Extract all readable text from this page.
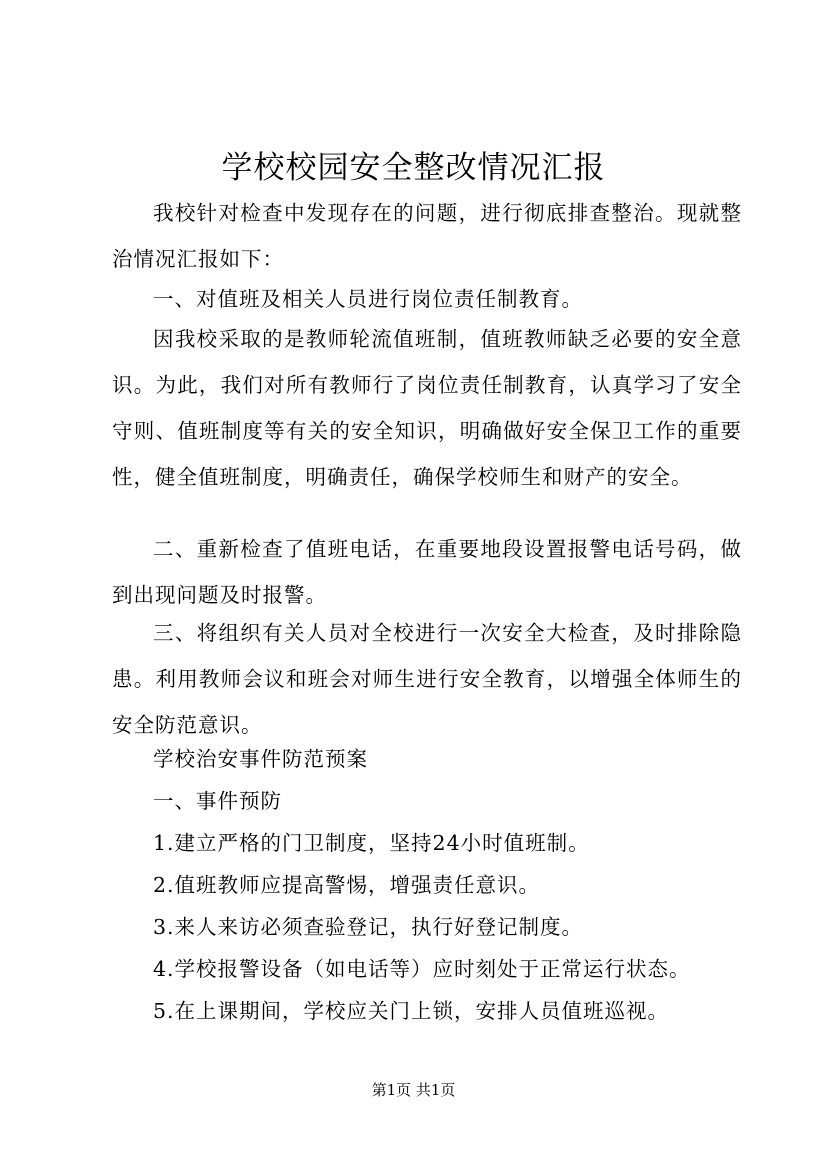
学校校园安全整改情况汇报
我校针对检查中发现存在的问题，进行彻底排查整治。现就整治情况汇报如下：
一、对值班及相关人员进行岗位责任制教育。
因我校采取的是教师轮流值班制，值班教师缺乏必要的安全意识。为此，我们对所有教师行了岗位责任制教育，认真学习了安全守则、值班制度等有关的安全知识，明确做好安全保卫工作的重要性，健全值班制度，明确责任，确保学校师生和财产的安全。
二、重新检查了值班电话，在重要地段设置报警电话号码，做到出现问题及时报警。
三、将组织有关人员对全校进行一次安全大检查，及时排除隐患。利用教师会议和班会对师生进行安全教育，以增强全体师生的安全防范意识。
学校治安事件防范预案
一、事件预防
1.建立严格的门卫制度，坚持24小时值班制。
2.值班教师应提高警惕，增强责任意识。
3.来人来访必须查验登记，执行好登记制度。
4.学校报警设备（如电话等）应时刻处于正常运行状态。
5.在上课期间，学校应关门上锁，安排人员值班巡视。
第1页 共1页
